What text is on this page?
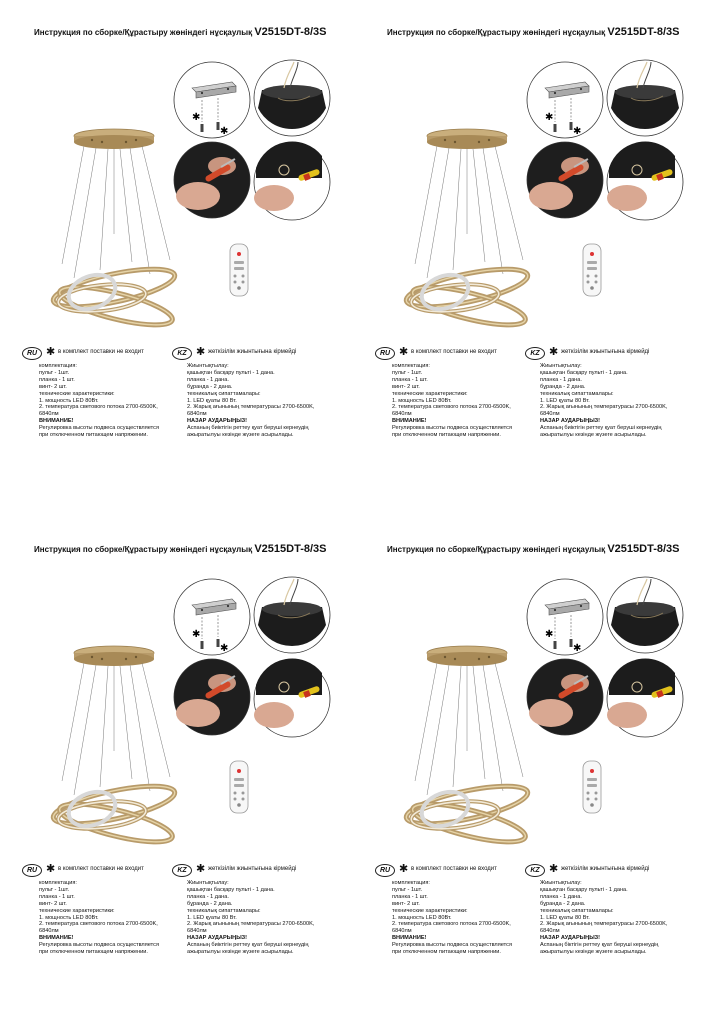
Инструкция по сборке/Құрастыру жөніндегі нұсқаулық V2515DT-8/3S
✱
✱
RU ✱ в комплект поставки не входит	KZ ✱ жеткізілім жиынтығына кірмейді
комплектация:
пульт - 1шт.
планка - 1 шт.
винт- 2 шт.
технические характеристики:
1. мощность LED 80Вт.
2. температура светового потока 2700-6500K,
6840лм
ВНИМАНИЕ!
Регулировка высоты подвеса осуществляется
при отключенном питающем напряжении.
Жиынтықтылау:
қашықтан басқару пульті - 1 дана.
планка - 1 дана.
бұранда - 2 дана.
техникалық сипаттамалары:
1. LED қуаты 80 Вт.
2. Жарық ағынының температурасы 2700-6500K,
6840лм
НАЗАР АУДАРЫҢЫЗ!
Аспаның биіктігін реттеу қуат беруші кернеудің
ажыратылуы кезінде жүзеге асырылады.
Инструкция по сборке/Құрастыру жөніндегі нұсқаулық V2515DT-8/3S
✱
✱
RU ✱ в комплект поставки не входит	KZ ✱ жеткізілім жиынтығына кірмейді
комплектация:
пульт - 1шт.
планка - 1 шт.
винт- 2 шт.
технические характеристики:
1. мощность LED 80Вт.
2. температура светового потока 2700-6500K,
6840лм
ВНИМАНИЕ!
Регулировка высоты подвеса осуществляется
при отключенном питающем напряжении.
Жиынтықтылау:
қашықтан басқару пульті - 1 дана.
планка - 1 дана.
бұранда - 2 дана.
техникалық сипаттамалары:
1. LED қуаты 80 Вт.
2. Жарық ағынының температурасы 2700-6500K,
6840лм
НАЗАР АУДАРЫҢЫЗ!
Аспаның биіктігін реттеу қуат беруші кернеудің
ажыратылуы кезінде жүзеге асырылады.
Инструкция по сборке/Құрастыру жөніндегі нұсқаулық V2515DT-8/3S
✱
✱
RU ✱ в комплект поставки не входит	KZ ✱ жеткізілім жиынтығына кірмейді
комплектация:
пульт - 1шт.
планка - 1 шт.
винт- 2 шт.
технические характеристики:
1. мощность LED 80Вт.
2. температура светового потока 2700-6500K,
6840лм
ВНИМАНИЕ!
Регулировка высоты подвеса осуществляется
при отключенном питающем напряжении.
Жиынтықтылау:
қашықтан басқару пульті - 1 дана.
планка - 1 дана.
бұранда - 2 дана.
техникалық сипаттамалары:
1. LED қуаты 80 Вт.
2. Жарық ағынының температурасы 2700-6500K,
6840лм
НАЗАР АУДАРЫҢЫЗ!
Аспаның биіктігін реттеу қуат беруші кернеудің
ажыратылуы кезінде жүзеге асырылады.
Инструкция по сборке/Құрастыру жөніндегі нұсқаулық V2515DT-8/3S
✱
✱
RU ✱ в комплект поставки не входит	KZ ✱ жеткізілім жиынтығына кірмейді
комплектация:
пульт - 1шт.
планка - 1 шт.
винт- 2 шт.
технические характеристики:
1. мощность LED 80Вт.
2. температура светового потока 2700-6500K,
6840лм
ВНИМАНИЕ!
Регулировка высоты подвеса осуществляется
при отключенном питающем напряжении.
Жиынтықтылау:
қашықтан басқару пульті - 1 дана.
планка - 1 дана.
бұранда - 2 дана.
техникалық сипаттамалары:
1. LED қуаты 80 Вт.
2. Жарық ағынының температурасы 2700-6500K,
6840лм
НАЗАР АУДАРЫҢЫЗ!
Аспаның біктігін реттеу қуат беруші кернеудің
ажыратылуы кезінде жүзеге асырылады.
